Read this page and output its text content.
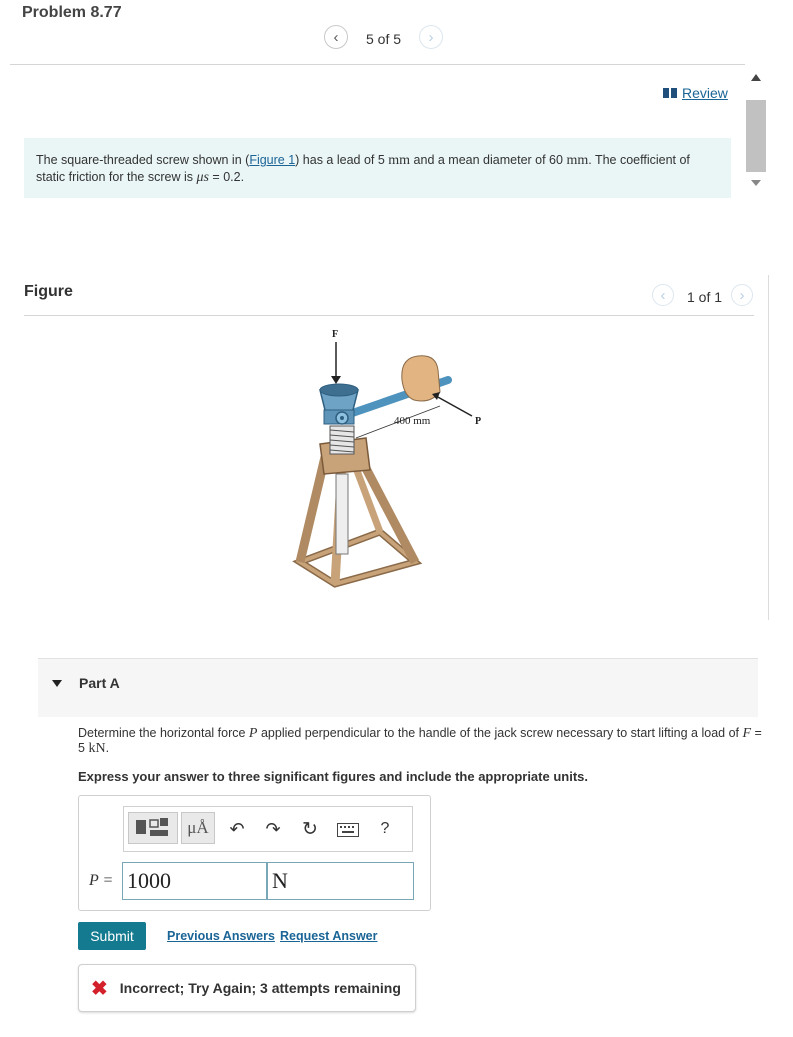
Problem 8.77
‹ 5 of 5 ›
Review
The square-threaded screw shown in (Figure 1) has a lead of 5 mm and a mean diameter of 60 mm. The coefficient of static friction for the screw is μs = 0.2.
Figure	‹ 1 of 1 ›
F
P
400 mm
Part A
Determine the horizontal force P applied perpendicular to the handle of the jack screw necessary to start lifting a load of F = 5 kN.
Express your answer to three significant figures and include the appropriate units.
μÅ ↶ ↷ ↻	?
P =
1000
N
Submit	Previous Answers Request Answer
✖ Incorrect; Try Again; 3 attempts remaining
